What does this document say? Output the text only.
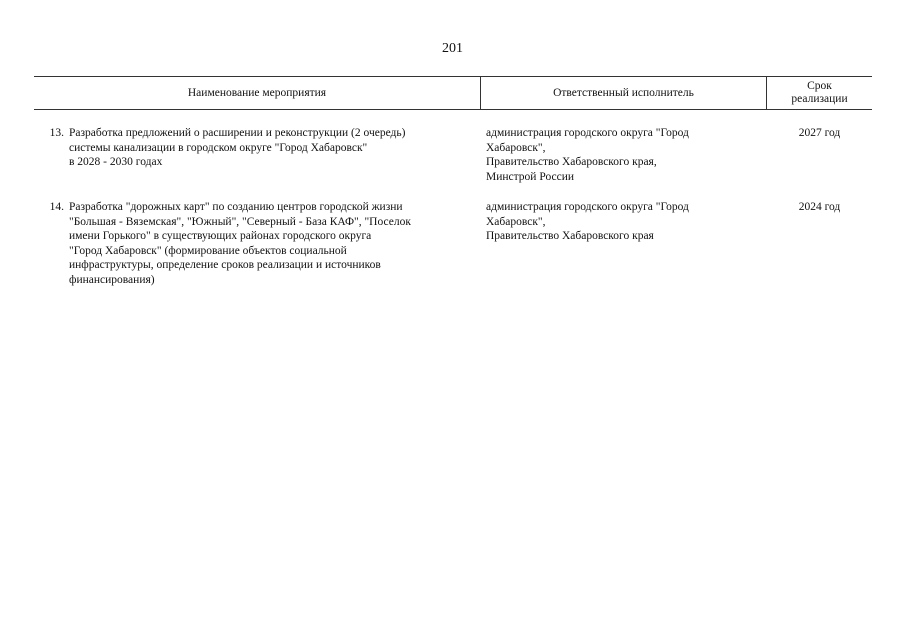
201
Наименование мероприятия	Ответственный исполнитель
Срок
реализации
13. Разработка предложений о расширении и реконструкции (2 очередь)
системы канализации в городском округе "Город Хабаровск"
в 2028 - 2030 годах
администрация городского округа "Город
Хабаровск",
Правительство Хабаровского края,
Минстрой России
2027 год
14. Разработка "дорожных карт" по созданию центров городской жизни
"Большая - Вяземская", "Южный", "Северный - База КАФ", "Поселок
имени Горького" в существующих районах городского округа
"Город Хабаровск" (формирование объектов социальной
инфраструктуры, определение сроков реализации и источников
финансирования)
администрация городского округа "Город
Хабаровск",
Правительство Хабаровского края
2024 год
